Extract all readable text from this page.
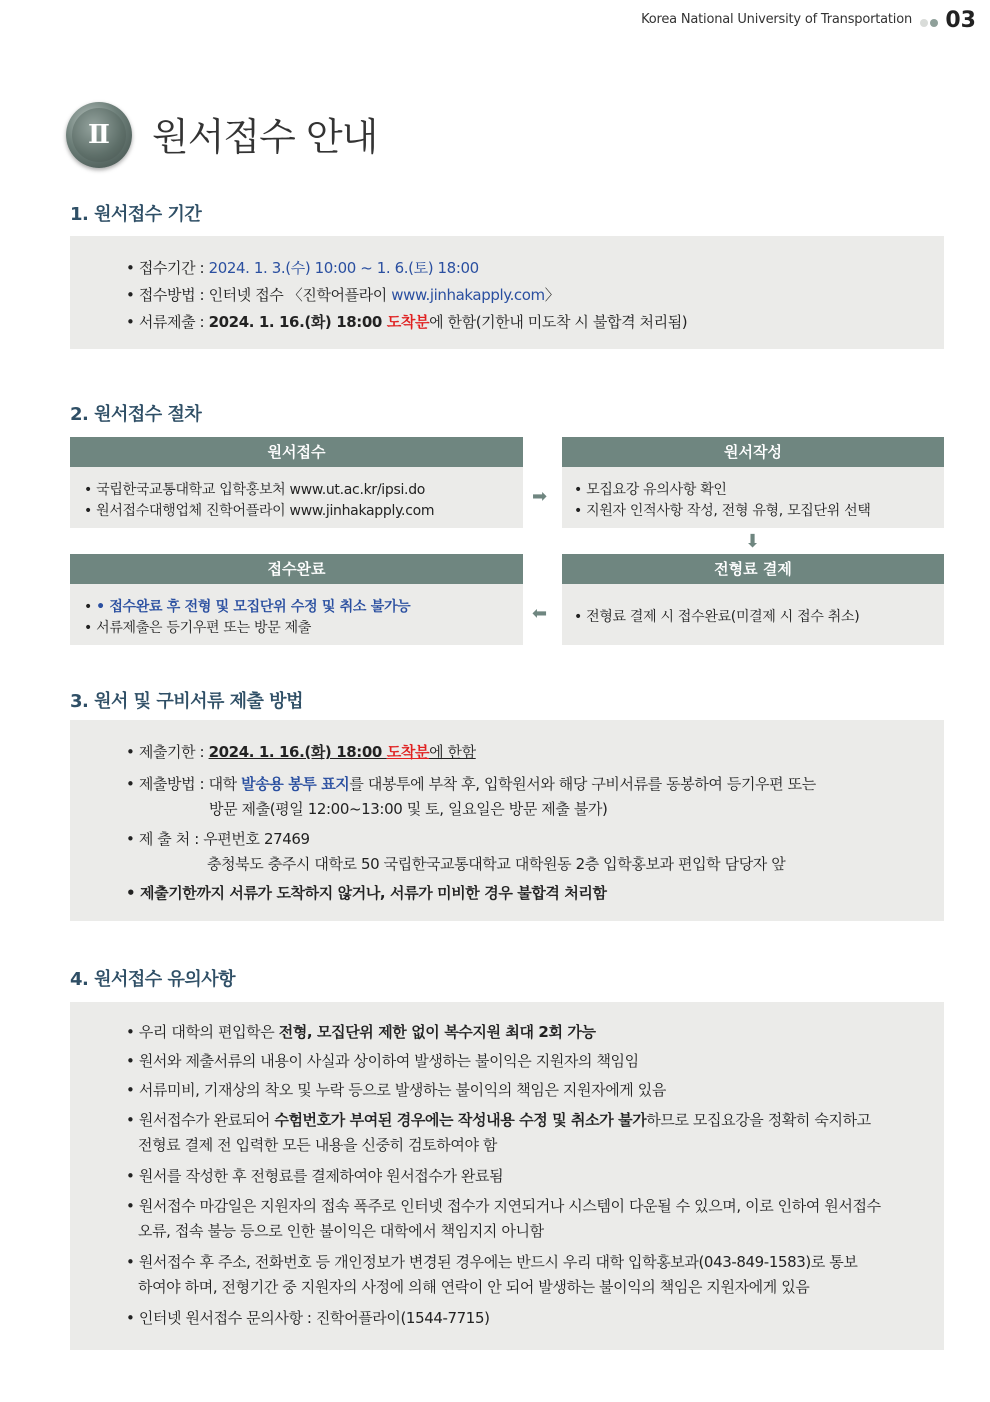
Korea National University of Transportation 03
Ⅱ	원서접수 안내
1. 원서접수 기간
• 접수기간 : 2024. 1. 3.(수) 10:00 ~ 1. 6.(토) 18:00
• 접수방법 : 인터넷 접수 〈진학어플라이 www.jinhakapply.com〉
• 서류제출 : 2024. 1. 16.(화) 18:00 도착분에 한함(기한내 미도착 시 불합격 처리됨)
2. 원서접수 절차
원서접수
• 국립한국교통대학교 입학홍보처 www.ut.ac.kr/ipsi.do
• 원서접수대행업체 진학어플라이 www.jinhakapply.com
➡
원서작성
• 모집요강 유의사항 확인
• 지원자 인적사항 작성, 전형 유형, 모집단위 선택
⬇
접수완료
• • 접수완료 후 전형 및 모집단위 수정 및 취소 불가능
• 서류제출은 등기우편 또는 방문 제출
⬅
전형료 결제
• 전형료 결제 시 접수완료(미결제 시 접수 취소)
3. 원서 및 구비서류 제출 방법
• 제출기한 : 2024. 1. 16.(화) 18:00 도착분에 한함
• 제출방법 : 대학 발송용 봉투 표지를 대봉투에 부착 후, 입학원서와 해당 구비서류를 동봉하여 등기우편 또는
방문 제출(평일 12:00~13:00 및 토, 일요일은 방문 제출 불가)
• 제 출 처 : 우편번호 27469
충청북도 충주시 대학로 50 국립한국교통대학교 대학원동 2층 입학홍보과 편입학 담당자 앞
• 제출기한까지 서류가 도착하지 않거나, 서류가 미비한 경우 불합격 처리함
4. 원서접수 유의사항
• 우리 대학의 편입학은 전형, 모집단위 제한 없이 복수지원 최대 2회 가능
• 원서와 제출서류의 내용이 사실과 상이하여 발생하는 불이익은 지원자의 책임임
• 서류미비, 기재상의 착오 및 누락 등으로 발생하는 불이익의 책임은 지원자에게 있음
• 원서접수가 완료되어 수험번호가 부여된 경우에는 작성내용 수정 및 취소가 불가하므로 모집요강을 정확히 숙지하고
전형료 결제 전 입력한 모든 내용을 신중히 검토하여야 함
• 원서를 작성한 후 전형료를 결제하여야 원서접수가 완료됨
• 원서접수 마감일은 지원자의 접속 폭주로 인터넷 접수가 지연되거나 시스템이 다운될 수 있으며, 이로 인하여 원서접수
오류, 접속 불능 등으로 인한 불이익은 대학에서 책임지지 아니함
• 원서접수 후 주소, 전화번호 등 개인정보가 변경된 경우에는 반드시 우리 대학 입학홍보과(043-849-1583)로 통보
하여야 하며, 전형기간 중 지원자의 사정에 의해 연락이 안 되어 발생하는 불이익의 책임은 지원자에게 있음
• 인터넷 원서접수 문의사항 : 진학어플라이(1544-7715)
